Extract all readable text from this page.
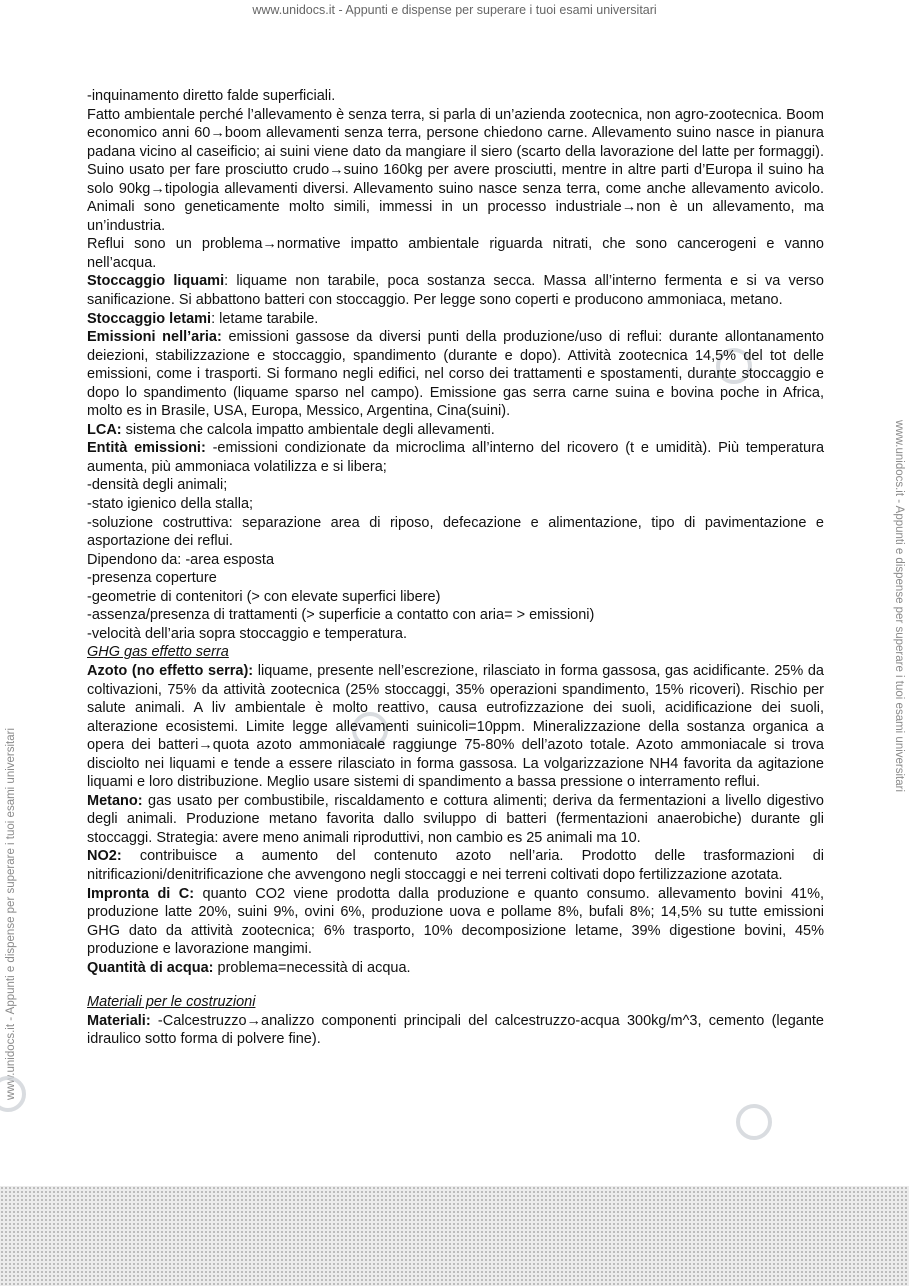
www.unidocs.it - Appunti e dispense per superare i tuoi esami universitari
www.unidocs.it - Appunti e dispense per superare i tuoi esami universitari
www.unidocs.it - Appunti e dispense per superare i tuoi esami universitari

-inquinamento diretto falde superficiali.

Fatto ambientale perché l’allevamento è senza terra, si parla di un’azienda zootecnica, non agro-zootecnica. Boom economico anni 60→boom allevamenti senza terra, persone chiedono carne. Allevamento suino nasce in pianura padana vicino al caseificio; ai suini viene dato da mangiare il siero (scarto della lavorazione del latte per formaggi). Suino usato per fare prosciutto crudo→suino 160kg per avere prosciutti, mentre in altre parti d’Europa il suino ha solo 90kg→tipologia allevamenti diversi. Allevamento suino nasce senza terra, come anche allevamento avicolo. Animali sono geneticamente molto simili, immessi in un processo industriale→non è un allevamento, ma un’industria.

Reflui sono un problema→normative impatto ambientale riguarda nitrati, che sono cancerogeni e vanno nell’acqua.

Stoccaggio liquami: liquame non tarabile, poca sostanza secca. Massa all’interno fermenta e si va verso sanificazione. Si abbattono batteri con stoccaggio. Per legge sono coperti e producono ammoniaca, metano.

Stoccaggio letami: letame tarabile.

Emissioni nell’aria: emissioni gassose da diversi punti della produzione/uso di reflui: durante allontanamento deiezioni, stabilizzazione e stoccaggio, spandimento (durante e dopo). Attività zootecnica 14,5% del tot delle emissioni, come i trasporti. Si formano negli edifici, nel corso dei trattamenti e spostamenti, durante stoccaggio e dopo lo spandimento (liquame sparso nel campo). Emissione gas serra carne suina e bovina poche in Africa, molto es in Brasile, USA, Europa, Messico, Argentina, Cina(suini).

LCA: sistema che calcola impatto ambientale degli allevamenti.

Entità emissioni: -emissioni condizionate da microclima all’interno del ricovero (t e umidità). Più temperatura aumenta, più ammoniaca volatilizza e si libera;

-densità degli animali;

-stato igienico della stalla;

-soluzione costruttiva: separazione area di riposo, defecazione e alimentazione, tipo di pavimentazione e asportazione dei reflui.

Dipendono da: -area esposta

-presenza coperture

-geometrie di contenitori (> con elevate superfici libere)

-assenza/presenza di trattamenti (> superficie a contatto con aria= > emissioni)

-velocità dell’aria sopra stoccaggio e temperatura.

GHG gas effetto serra

Azoto (no effetto serra): liquame, presente nell’escrezione, rilasciato in forma gassosa, gas acidificante. 25% da coltivazioni, 75% da attività zootecnica (25% stoccaggi, 35% operazioni spandimento, 15% ricoveri). Rischio per salute animali. A liv ambientale è molto reattivo, causa eutrofizzazione dei suoli, acidificazione dei suoli, alterazione ecosistemi. Limite legge allevamenti suinicoli=10ppm. Mineralizzazione della sostanza organica a opera dei batteri→quota azoto ammoniacale raggiunge 75-80% dell’azoto totale. Azoto ammoniacale si trova disciolto nei liquami e tende a essere rilasciato in forma gassosa. La volgarizzazione NH4 favorita da agitazione liquami e loro distribuzione. Meglio usare sistemi di spandimento a bassa pressione o interramento reflui.

Metano: gas usato per combustibile, riscaldamento e cottura alimenti; deriva da fermentazioni a livello digestivo degli animali. Produzione metano favorita dallo sviluppo di batteri (fermentazioni anaerobiche) durante gli stoccaggi. Strategia: avere meno animali riproduttivi, non cambio es 25 animali ma 10.

NO2: contribuisce a aumento del contenuto azoto nell’aria. Prodotto delle trasformazioni di nitrificazioni/denitrificazione che avvengono negli stoccaggi e nei terreni coltivati dopo fertilizzazione azotata.

Impronta di C: quanto CO2 viene prodotta dalla produzione e quanto consumo. allevamento bovini 41%, produzione latte 20%, suini 9%, ovini 6%, produzione uova e pollame 8%, bufali 8%; 14,5% su tutte emissioni GHG dato da attività zootecnica; 6% trasporto, 10% decomposizione letame, 39% digestione bovini, 45% produzione e lavorazione mangimi.

Quantità di acqua: problema=necessità di acqua.

Materiali per le costruzioni

Materiali: -Calcestruzzo→analizzo componenti principali del calcestruzzo-acqua 300kg/m^3, cemento (legante idraulico sotto forma di polvere fine).
